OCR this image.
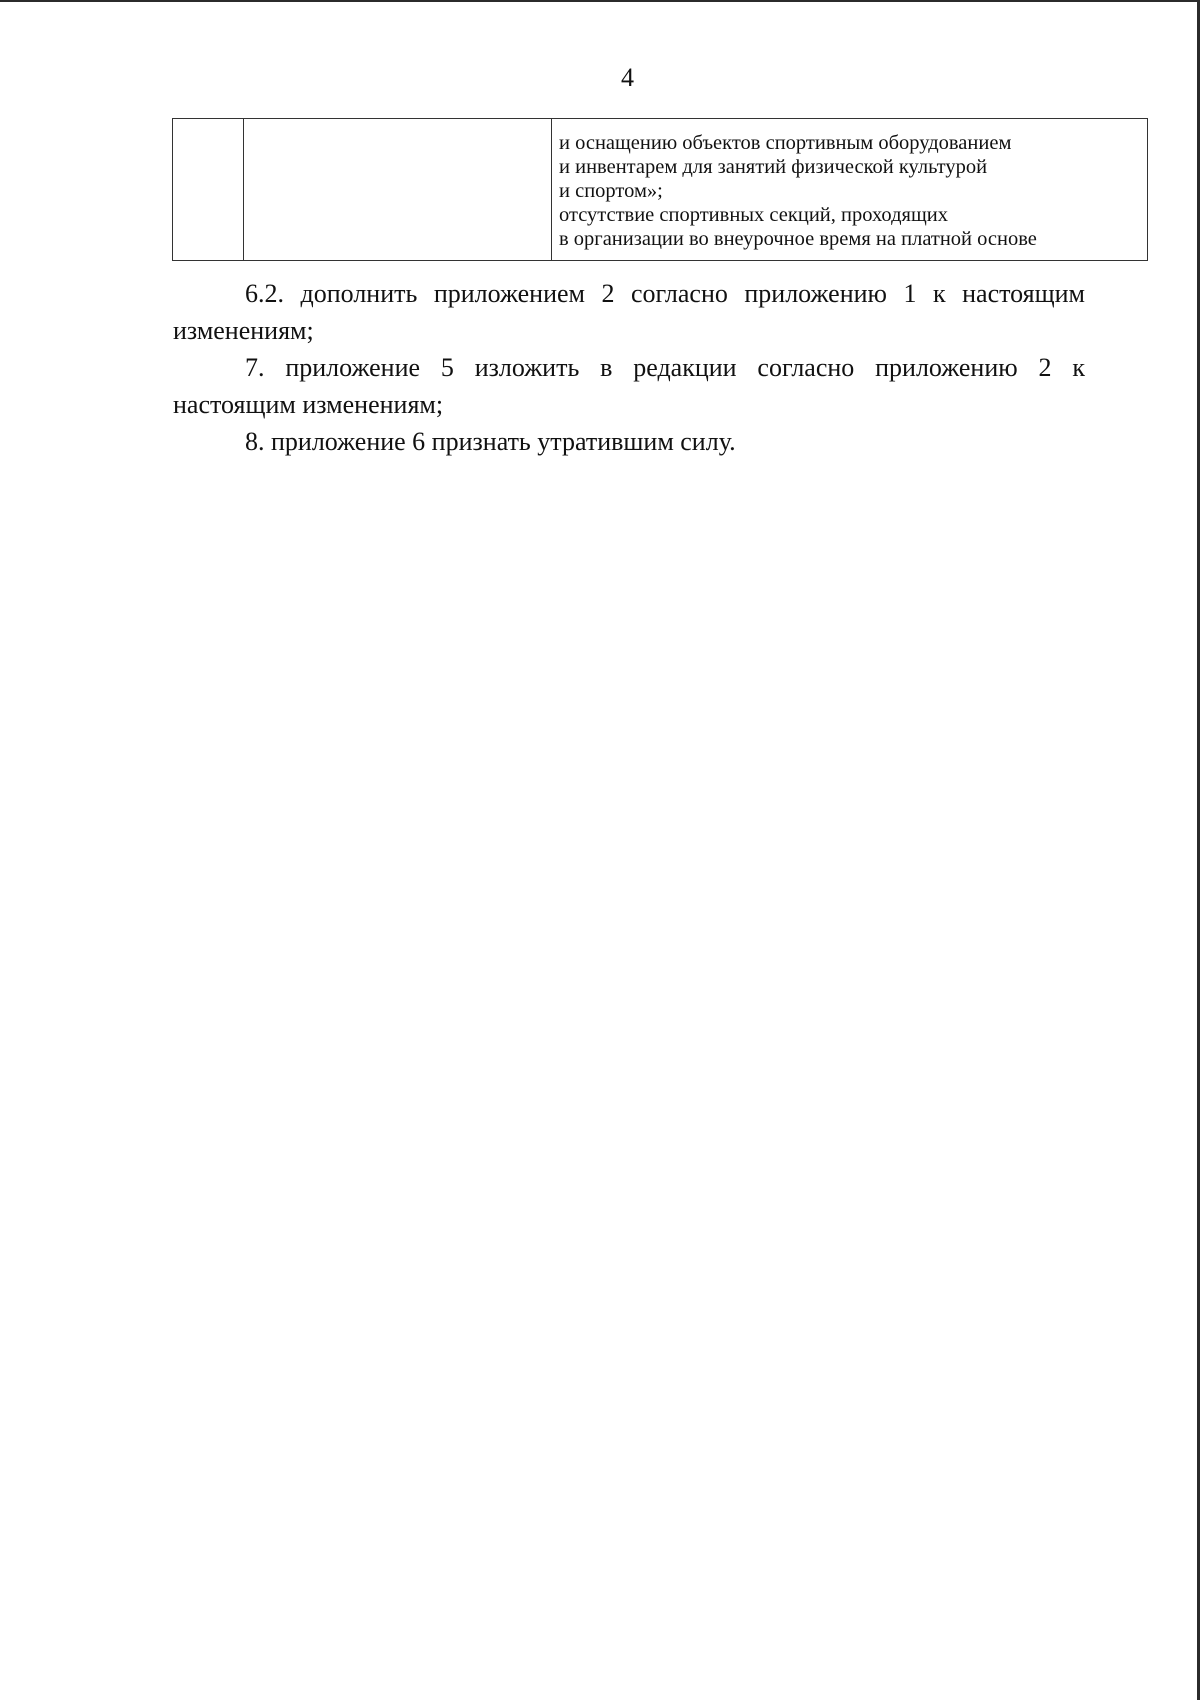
4

и оснащению объектов спортивным оборудованием
и инвентарем для занятий физической культурой
и спортом»;
отсутствие спортивных секций, проходящих
в организации во внеурочное время на платной основе

6.2. дополнить приложением 2 согласно приложению 1 к настоящим изменениям;

7. приложение 5 изложить в редакции согласно приложению 2 к настоящим изменениям;

8. приложение 6 признать утратившим силу.
